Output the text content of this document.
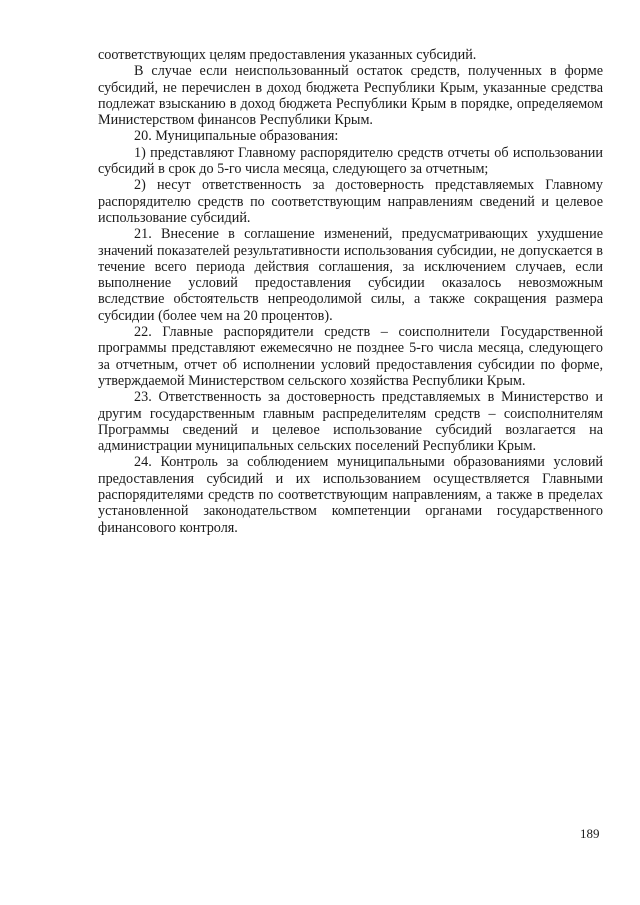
соответствующих целям предоставления указанных субсидий.

В случае если неиспользованный остаток средств, полученных в форме субсидий, не перечислен в доход бюджета Республики Крым, указанные средства подлежат взысканию в доход бюджета Республики Крым в порядке, определяемом Министерством финансов Республики Крым.

20. Муниципальные образования:

1) представляют Главному распорядителю средств отчеты об использовании субсидий в срок до 5-го числа месяца, следующего за отчетным;

2) несут ответственность за достоверность представляемых Главному распорядителю средств по соответствующим направлениям сведений и целевое использование субсидий.

21. Внесение в соглашение изменений, предусматривающих ухудшение значений показателей результативности использования субсидии, не допускается в течение всего периода действия соглашения, за исключением случаев, если выполнение условий предоставления субсидии оказалось невозможным вследствие обстоятельств непреодолимой силы, а также сокращения размера субсидии (более чем на 20 процентов).

22. Главные распорядители средств – соисполнители Государственной программы представляют ежемесячно не позднее 5-го числа месяца, следующего за отчетным, отчет об исполнении условий предоставления субсидии по форме, утверждаемой Министерством сельского хозяйства Республики Крым.

23. Ответственность за достоверность представляемых в Министерство и другим государственным главным распределителям средств – соисполнителям Программы сведений и целевое использование субсидий возлагается на администрации муниципальных сельских поселений Республики Крым.

24. Контроль за соблюдением муниципальными образованиями условий предоставления субсидий и их использованием осуществляется Главными распорядителями средств по соответствующим направлениям, а также в пределах установленной законодательством компетенции органами государственного финансового контроля.

189
